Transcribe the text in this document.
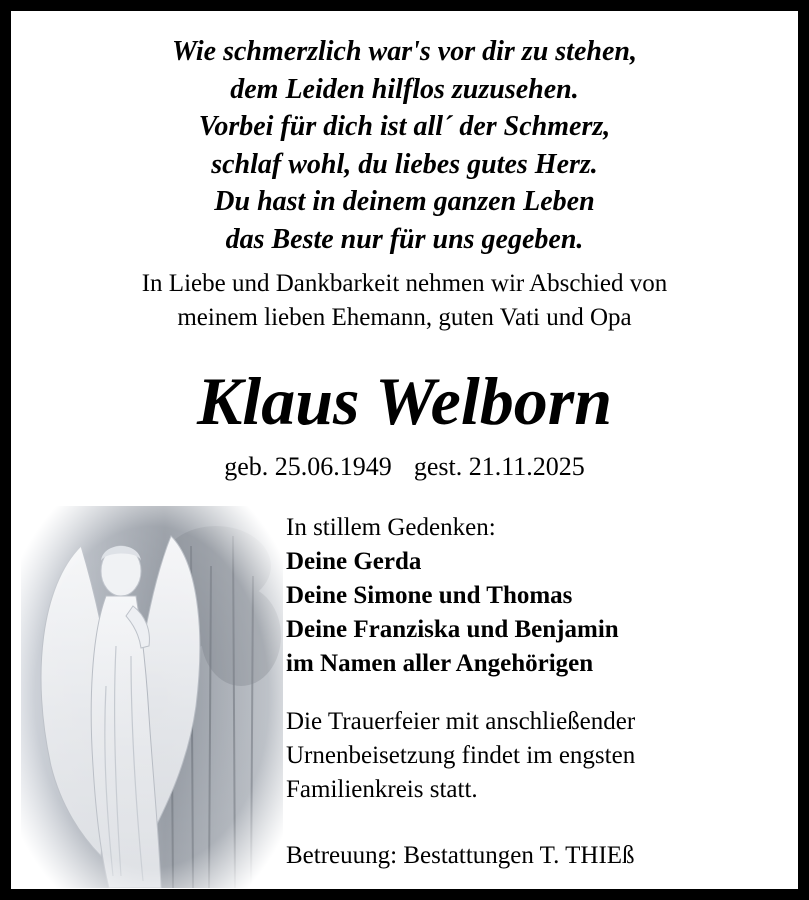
Wie schmerzlich war's vor dir zu stehen,
dem Leiden hilflos zuzusehen.
Vorbei für dich ist all´ der Schmerz,
schlaf wohl, du liebes gutes Herz.
Du hast in deinem ganzen Leben
das Beste nur für uns gegeben.
In Liebe und Dankbarkeit nehmen wir Abschied von
meinem lieben Ehemann, guten Vati und Opa
Klaus Welborn
geb. 25.06.1949 gest. 21.11.2025
In stillem Gedenken:
Deine Gerda
Deine Simone und Thomas
Deine Franziska und Benjamin
im Namen aller Angehörigen
Die Trauerfeier mit anschließender
Urnenbeisetzung findet im engsten
Familienkreis statt.
Betreuung: Bestattungen T. THIEß
